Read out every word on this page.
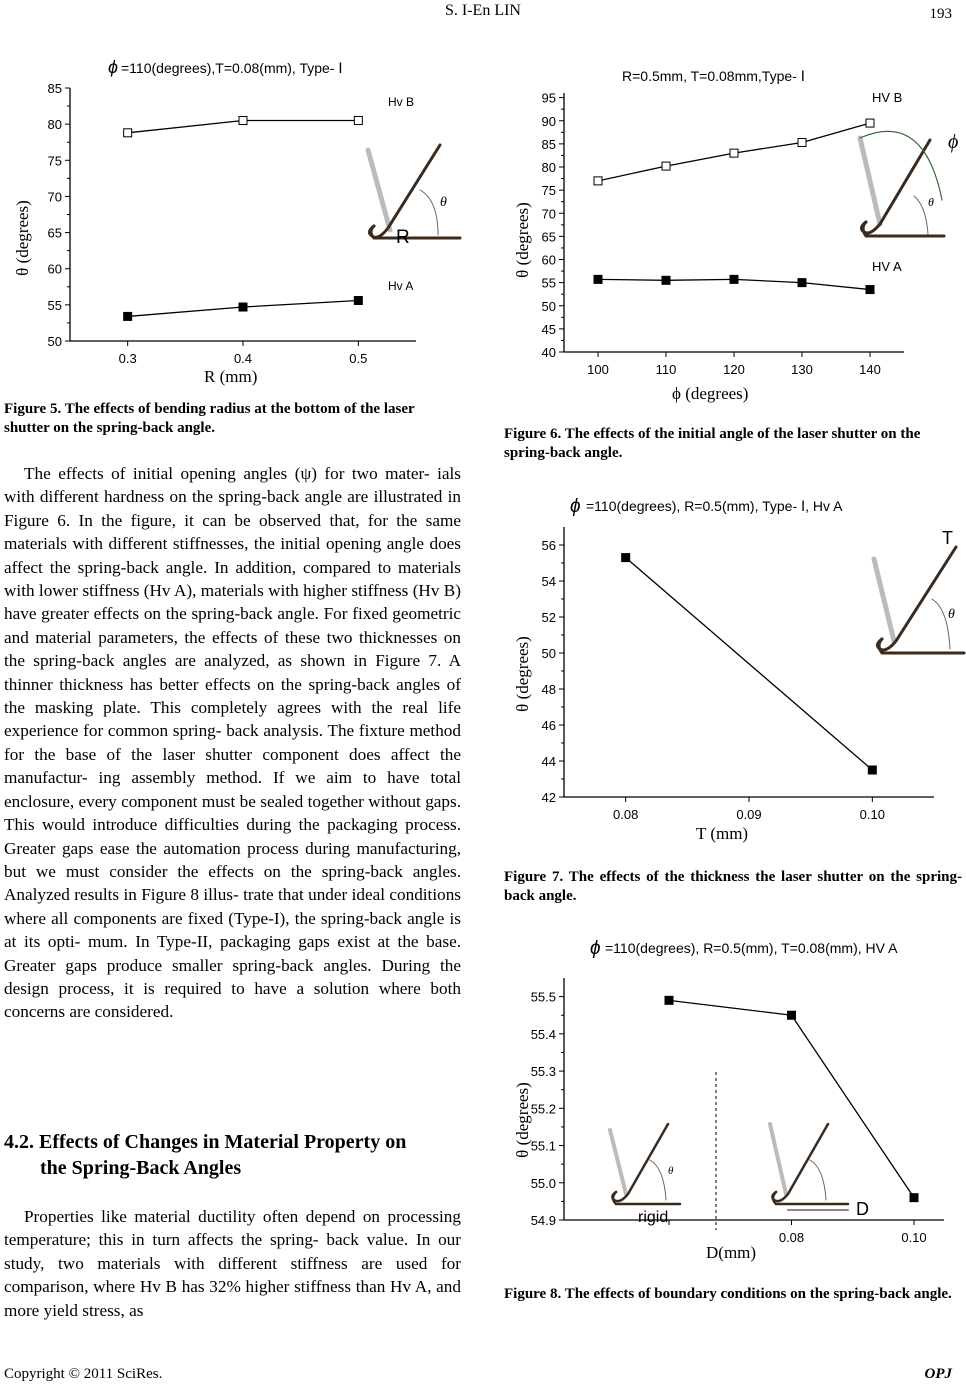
S. I-En LIN	193
ϕ =110(degrees),T=0.08(mm), Type- Ⅰ
50
55
60
65
70
75
80
85
0.3	0.4	0.5
R
θ
Hv B
Hv A
R (mm)
θ (degrees)
Figure 5. The effects of bending radius at the bottom of the laser shutter on the spring-back angle.
R=0.5mm, T=0.08mm,Type- Ⅰ
40
45
50
55
60
65
70
75
80
85
90
95
100	110	120	130	140
ϕ
θ
HV B
HV A
ϕ (degrees)
θ (degrees)
Figure 6. The effects of the initial angle of the laser shutter on the spring-back angle.
ϕ =110(degrees), R=0.5(mm), Type- Ⅰ, Hv A
42
44
46
48
50
52
54
56
0.08	0.09	0.10
T
θ
T (mm)
θ (degrees)
Figure 7. The effects of the thickness the laser shutter on the spring-back angle.
ϕ =110(degrees), R=0.5(mm), T=0.08(mm), HV A
54.9
55.0
55.1
55.2
55.3
55.4
55.5
0.08	0.10
rigid
θ
D
D(mm)
θ (degrees)
Figure 8. The effects of boundary conditions on the spring-back angle.

The effects of initial opening angles (ψ) for two mater- ials with different hardness on the spring-back angle are illustrated in Figure 6. In the figure, it can be observed that, for the same materials with different stiffnesses, the initial opening angle does affect the spring-back angle. In addition, compared to materials with lower stiffness (Hv A), materials with higher stiffness (Hv B) have greater effects on the spring-back angle. For fixed geometric and material parameters, the effects of these two thicknesses on the spring-back angles are analyzed, as shown in Figure 7. A thinner thickness has better effects on the spring-back angles of the masking plate. This completely agrees with the real life experience for common spring- back analysis. The fixture method for the base of the laser shutter component does affect the manufactur- ing assembly method. If we aim to have total enclosure, every component must be sealed together without gaps. This would introduce difficulties during the packaging process. Greater gaps ease the automation process during manufacturing, but we must consider the effects on the spring-back angles. Analyzed results in Figure 8 illus- trate that under ideal conditions where all components are fixed (Type-I), the spring-back angle is at its opti- mum. In Type-II, packaging gaps exist at the base. Greater gaps produce smaller spring-back angles. During the design process, it is required to have a solution where both concerns are considered.

4.2. Effects of Changes in Material Property on
the Spring-Back Angles

Properties like material ductility often depend on processing temperature; this in turn affects the spring- back value. In our study, two materials with different stiffness are used for comparison, where Hv B has 32% higher stiffness than Hv A, and more yield stress, as

Copyright © 2011 SciRes.	OPJ
